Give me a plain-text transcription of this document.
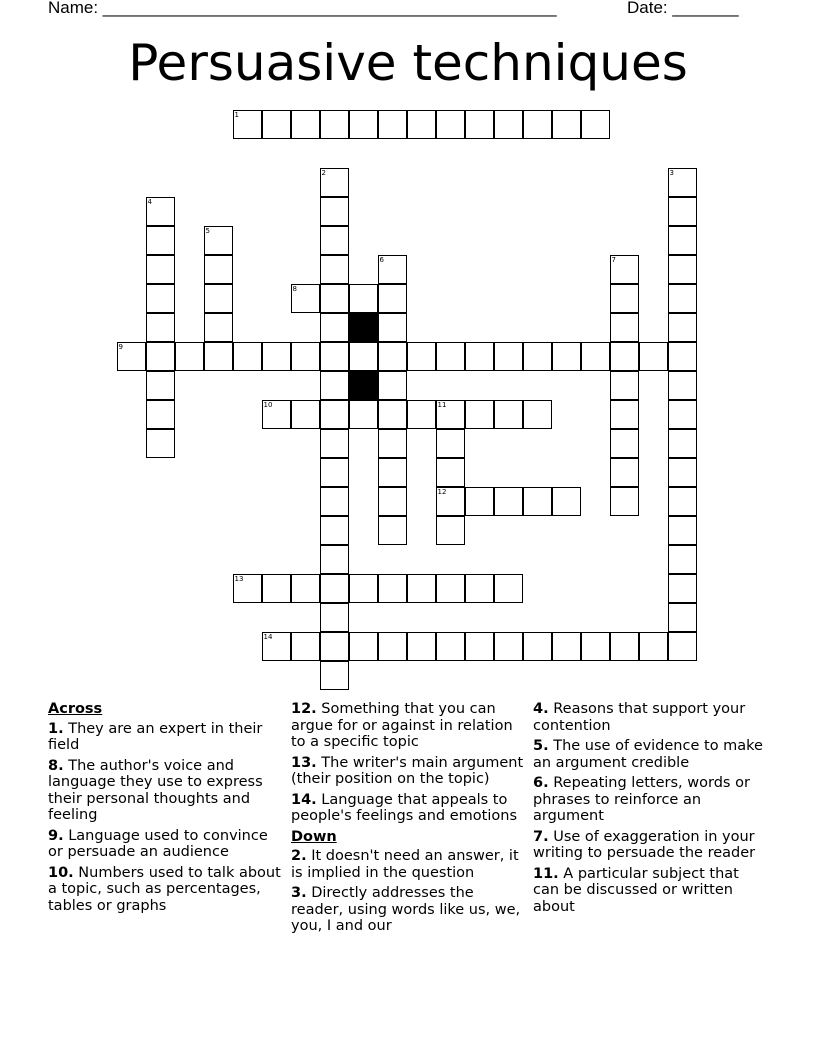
Name: ________________________________________________	Date: _______
Persuasive techniques
1
2	3
4
5
6	7
8
9
10	11
12
13
14
Across
1. They are an expert in their field
8. The author's voice and language they use to express their personal thoughts and feeling
9. Language used to convince or persuade an audience
10. Numbers used to talk about a topic, such as percentages, tables or graphs
12. Something that you can argue for or against in relation to a specific topic
13. The writer's main argument (their position on the topic)
14. Language that appeals to people's feelings and emotions
Down
2. It doesn't need an answer, it is implied in the question
3. Directly addresses the reader, using words like us, we, you, I and our
4. Reasons that support your contention
5. The use of evidence to make an argument credible
6. Repeating letters, words or phrases to reinforce an argument
7. Use of exaggeration in your writing to persuade the reader
11. A particular subject that can be discussed or written about
